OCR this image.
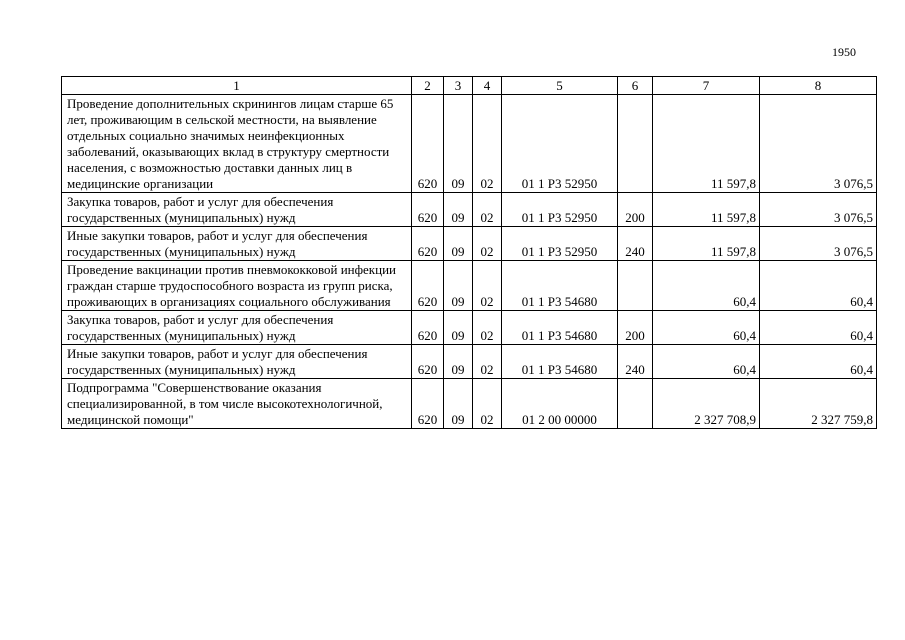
1950
1	2	3	4	5	6	7	8
Проведение дополнительных скринингов лицам старше 65 лет, проживающим в сельской местности, на выявление отдельных социально значимых неинфекционных заболеваний, оказывающих вклад в структуру смертности населения, с возможностью доставки данных лиц в медицинские организации	620	09	02	01 1 Р3 52950		11 597,8	3 076,5
Закупка товаров, работ и услуг для обеспечения государственных (муниципальных) нужд	620	09	02	01 1 Р3 52950	200	11 597,8	3 076,5
Иные закупки товаров, работ и услуг для обеспечения государственных (муниципальных) нужд	620	09	02	01 1 Р3 52950	240	11 597,8	3 076,5
Проведение вакцинации против пневмококковой инфекции граждан старше трудоспособного возраста из групп риска, проживающих в организациях социального обслуживания	620	09	02	01 1 Р3 54680		60,4	60,4
Закупка товаров, работ и услуг для обеспечения государственных (муниципальных) нужд	620	09	02	01 1 Р3 54680	200	60,4	60,4
Иные закупки товаров, работ и услуг для обеспечения государственных (муниципальных) нужд	620	09	02	01 1 Р3 54680	240	60,4	60,4
Подпрограмма "Совершенствование оказания специализированной, в том числе высокотехнологичной, медицинской помощи"	620	09	02	01 2 00 00000		2 327 708,9	2 327 759,8
